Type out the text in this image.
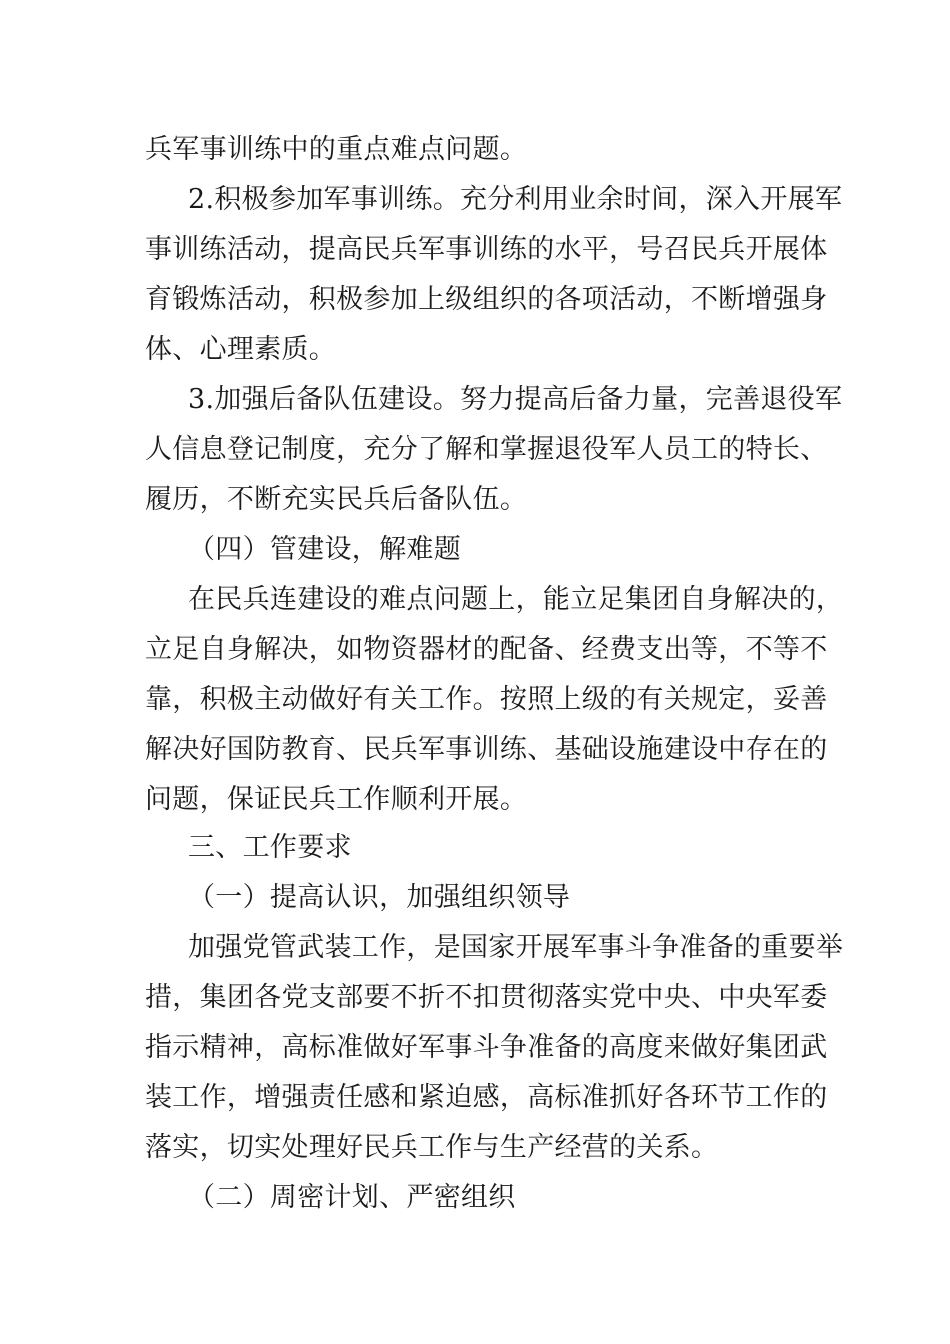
兵军事训练中的重点难点问题。
2.积极参加军事训练。充分利用业余时间，深入开展军
事训练活动，提高民兵军事训练的水平，号召民兵开展体
育锻炼活动，积极参加上级组织的各项活动，不断增强身
体、心理素质。
3.加强后备队伍建设。努力提高后备力量，完善退役军
人信息登记制度，充分了解和掌握退役军人员工的特长、
履历，不断充实民兵后备队伍。
（四）管建设，解难题
在民兵连建设的难点问题上，能立足集团自身解决的，
立足自身解决，如物资器材的配备、经费支出等，不等不
靠，积极主动做好有关工作。按照上级的有关规定，妥善
解决好国防教育、民兵军事训练、基础设施建设中存在的
问题，保证民兵工作顺利开展。
三、工作要求
（一）提高认识，加强组织领导
加强党管武装工作，是国家开展军事斗争准备的重要举
措，集团各党支部要不折不扣贯彻落实党中央、中央军委
指示精神，高标准做好军事斗争准备的高度来做好集团武
装工作，增强责任感和紧迫感，高标准抓好各环节工作的
落实，切实处理好民兵工作与生产经营的关系。
（二）周密计划、严密组织
